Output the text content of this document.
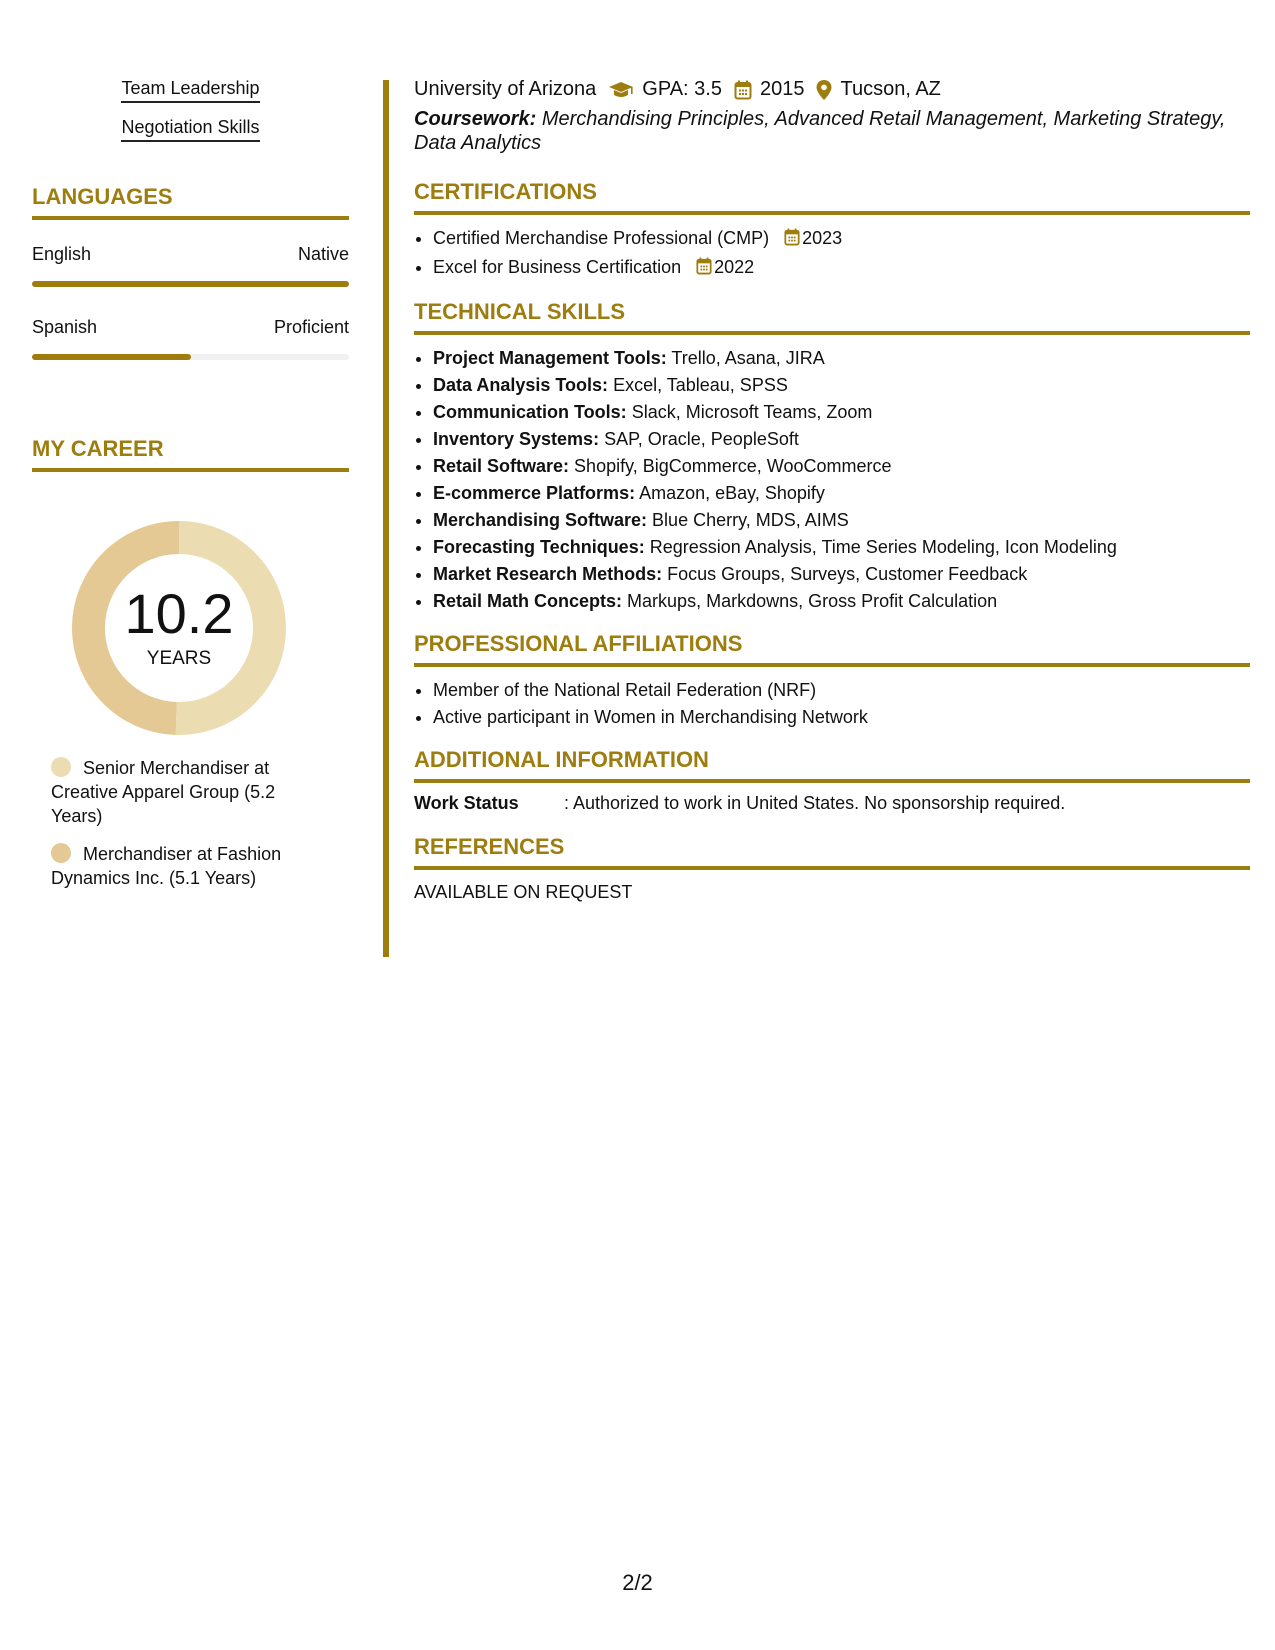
Team Leadership
Negotiation Skills
LANGUAGES
English	Native
Spanish	Proficient
MY CAREER
10.2
YEARS
Senior Merchandiser at Creative Apparel Group (5.2 Years)
Merchandiser at Fashion Dynamics Inc. (5.1 Years)
University of Arizona GPA: 3.5 2015 Tucson, AZ
Coursework: Merchandising Principles, Advanced Retail Management, Marketing Strategy, Data Analytics
CERTIFICATIONS
• Certified Merchandise Professional (CMP) 2023
• Excel for Business Certification 2022
TECHNICAL SKILLS
• Project Management Tools: Trello, Asana, JIRA
• Data Analysis Tools: Excel, Tableau, SPSS
• Communication Tools: Slack, Microsoft Teams, Zoom
• Inventory Systems: SAP, Oracle, PeopleSoft
• Retail Software: Shopify, BigCommerce, WooCommerce
• E-commerce Platforms: Amazon, eBay, Shopify
• Merchandising Software: Blue Cherry, MDS, AIMS
• Forecasting Techniques: Regression Analysis, Time Series Modeling, Icon Modeling
• Market Research Methods: Focus Groups, Surveys, Customer Feedback
• Retail Math Concepts: Markups, Markdowns, Gross Profit Calculation
PROFESSIONAL AFFILIATIONS
• Member of the National Retail Federation (NRF)
• Active participant in Women in Merchandising Network
ADDITIONAL INFORMATION
Work Status	: Authorized to work in United States. No sponsorship required.
REFERENCES
AVAILABLE ON REQUEST
2/2
